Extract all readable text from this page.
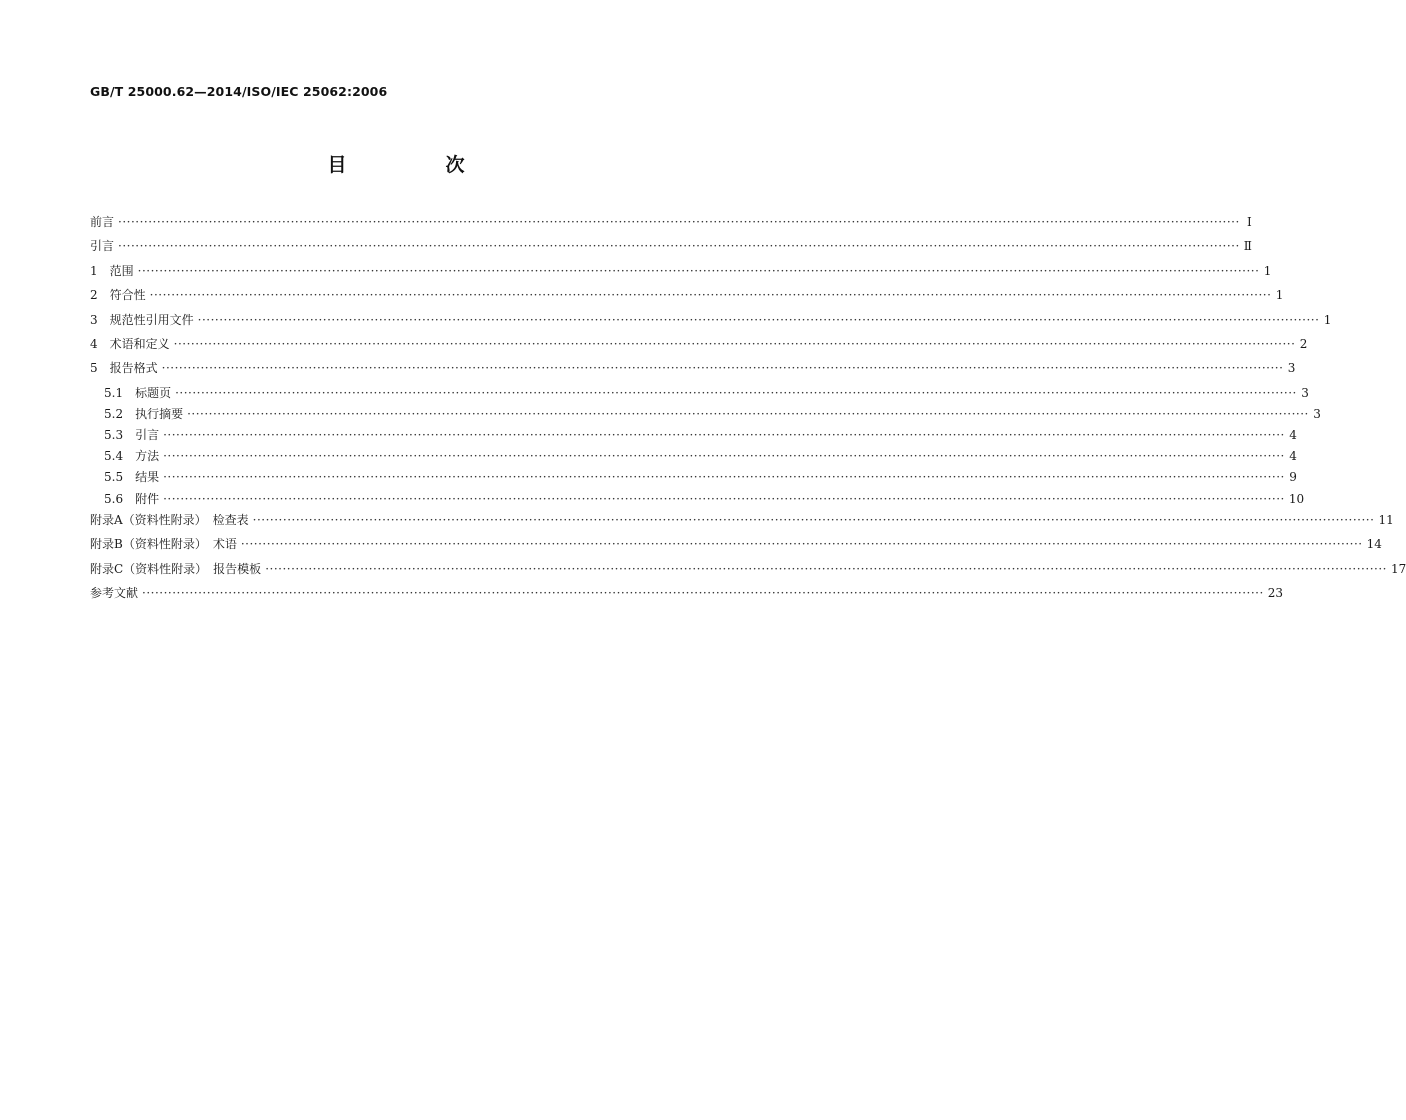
GB/T 25000.62—2014/ISO/IEC 25062:2006
目　次
前言 ···································································································································································································································································· Ⅰ
引言 ···································································································································································································································································· Ⅱ
1　范围 ···································································································································································································································································· 1
2　符合性 ···································································································································································································································································· 1
3　规范性引用文件 ···································································································································································································································································· 1
4　术语和定义 ···································································································································································································································································· 2
5　报告格式 ···································································································································································································································································· 3
5.1　标题页 ···································································································································································································································································· 3
5.2　执行摘要 ···································································································································································································································································· 3
5.3　引言 ···································································································································································································································································· 4
5.4　方法 ···································································································································································································································································· 4
5.5　结果 ···································································································································································································································································· 9
5.6　附件 ···································································································································································································································································· 10
附录A（资料性附录）　检查表 ···································································································································································································································································· 11
附录B（资料性附录）　术语 ···································································································································································································································································· 14
附录C（资料性附录）　报告模板 ···································································································································································································································································· 17
参考文献 ···································································································································································································································································· 23
